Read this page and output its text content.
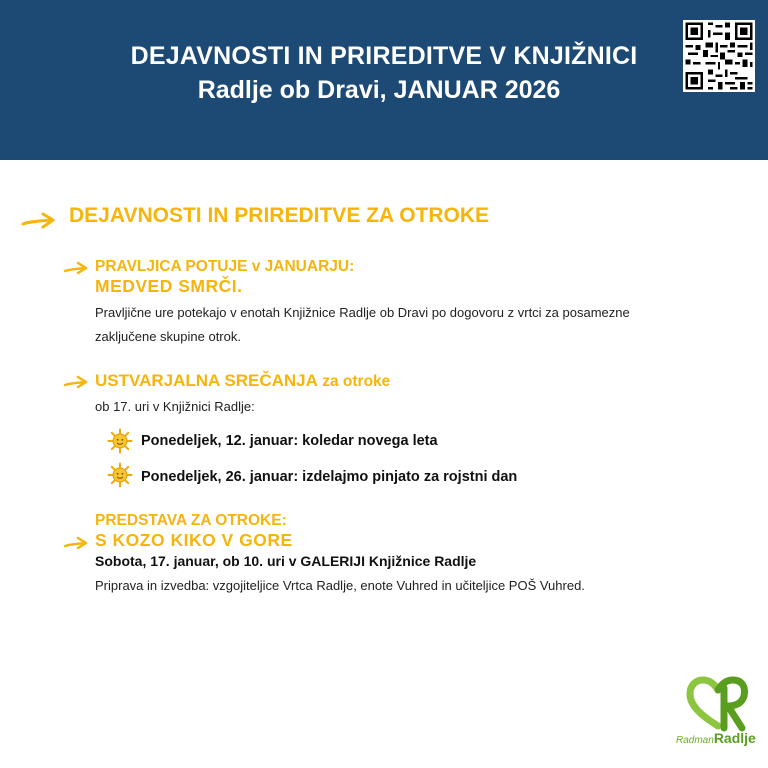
DEJAVNOSTI IN PRIREDITVE V KNJIŽNICI
Radlje ob Dravi, JANUAR 2026
DEJAVNOSTI IN PRIREDITVE ZA OTROKE
PRAVLJICA POTUJE v JANUARJU:
MEDVED SMRČI.
Pravljične ure potekajo v enotah Knjižnice Radlje ob Dravi po dogovoru z vrtci za posamezne
zaključene skupine otrok.
USTVARJALNA SREČANJA za otroke
ob 17. uri v Knjižnici Radlje:
Ponedeljek, 12. januar: koledar novega leta
Ponedeljek, 26. januar: izdelajmo pinjato za rojstni dan
PREDSTAVA ZA OTROKE:
S KOZO KIKO V GORE
Sobota, 17. januar, ob 10. uri v GALERIJI Knjižnice Radlje
Priprava in izvedba: vzgojiteljice Vrtca Radlje, enote Vuhred in učiteljice POŠ Vuhred.
RadmanRadlje
